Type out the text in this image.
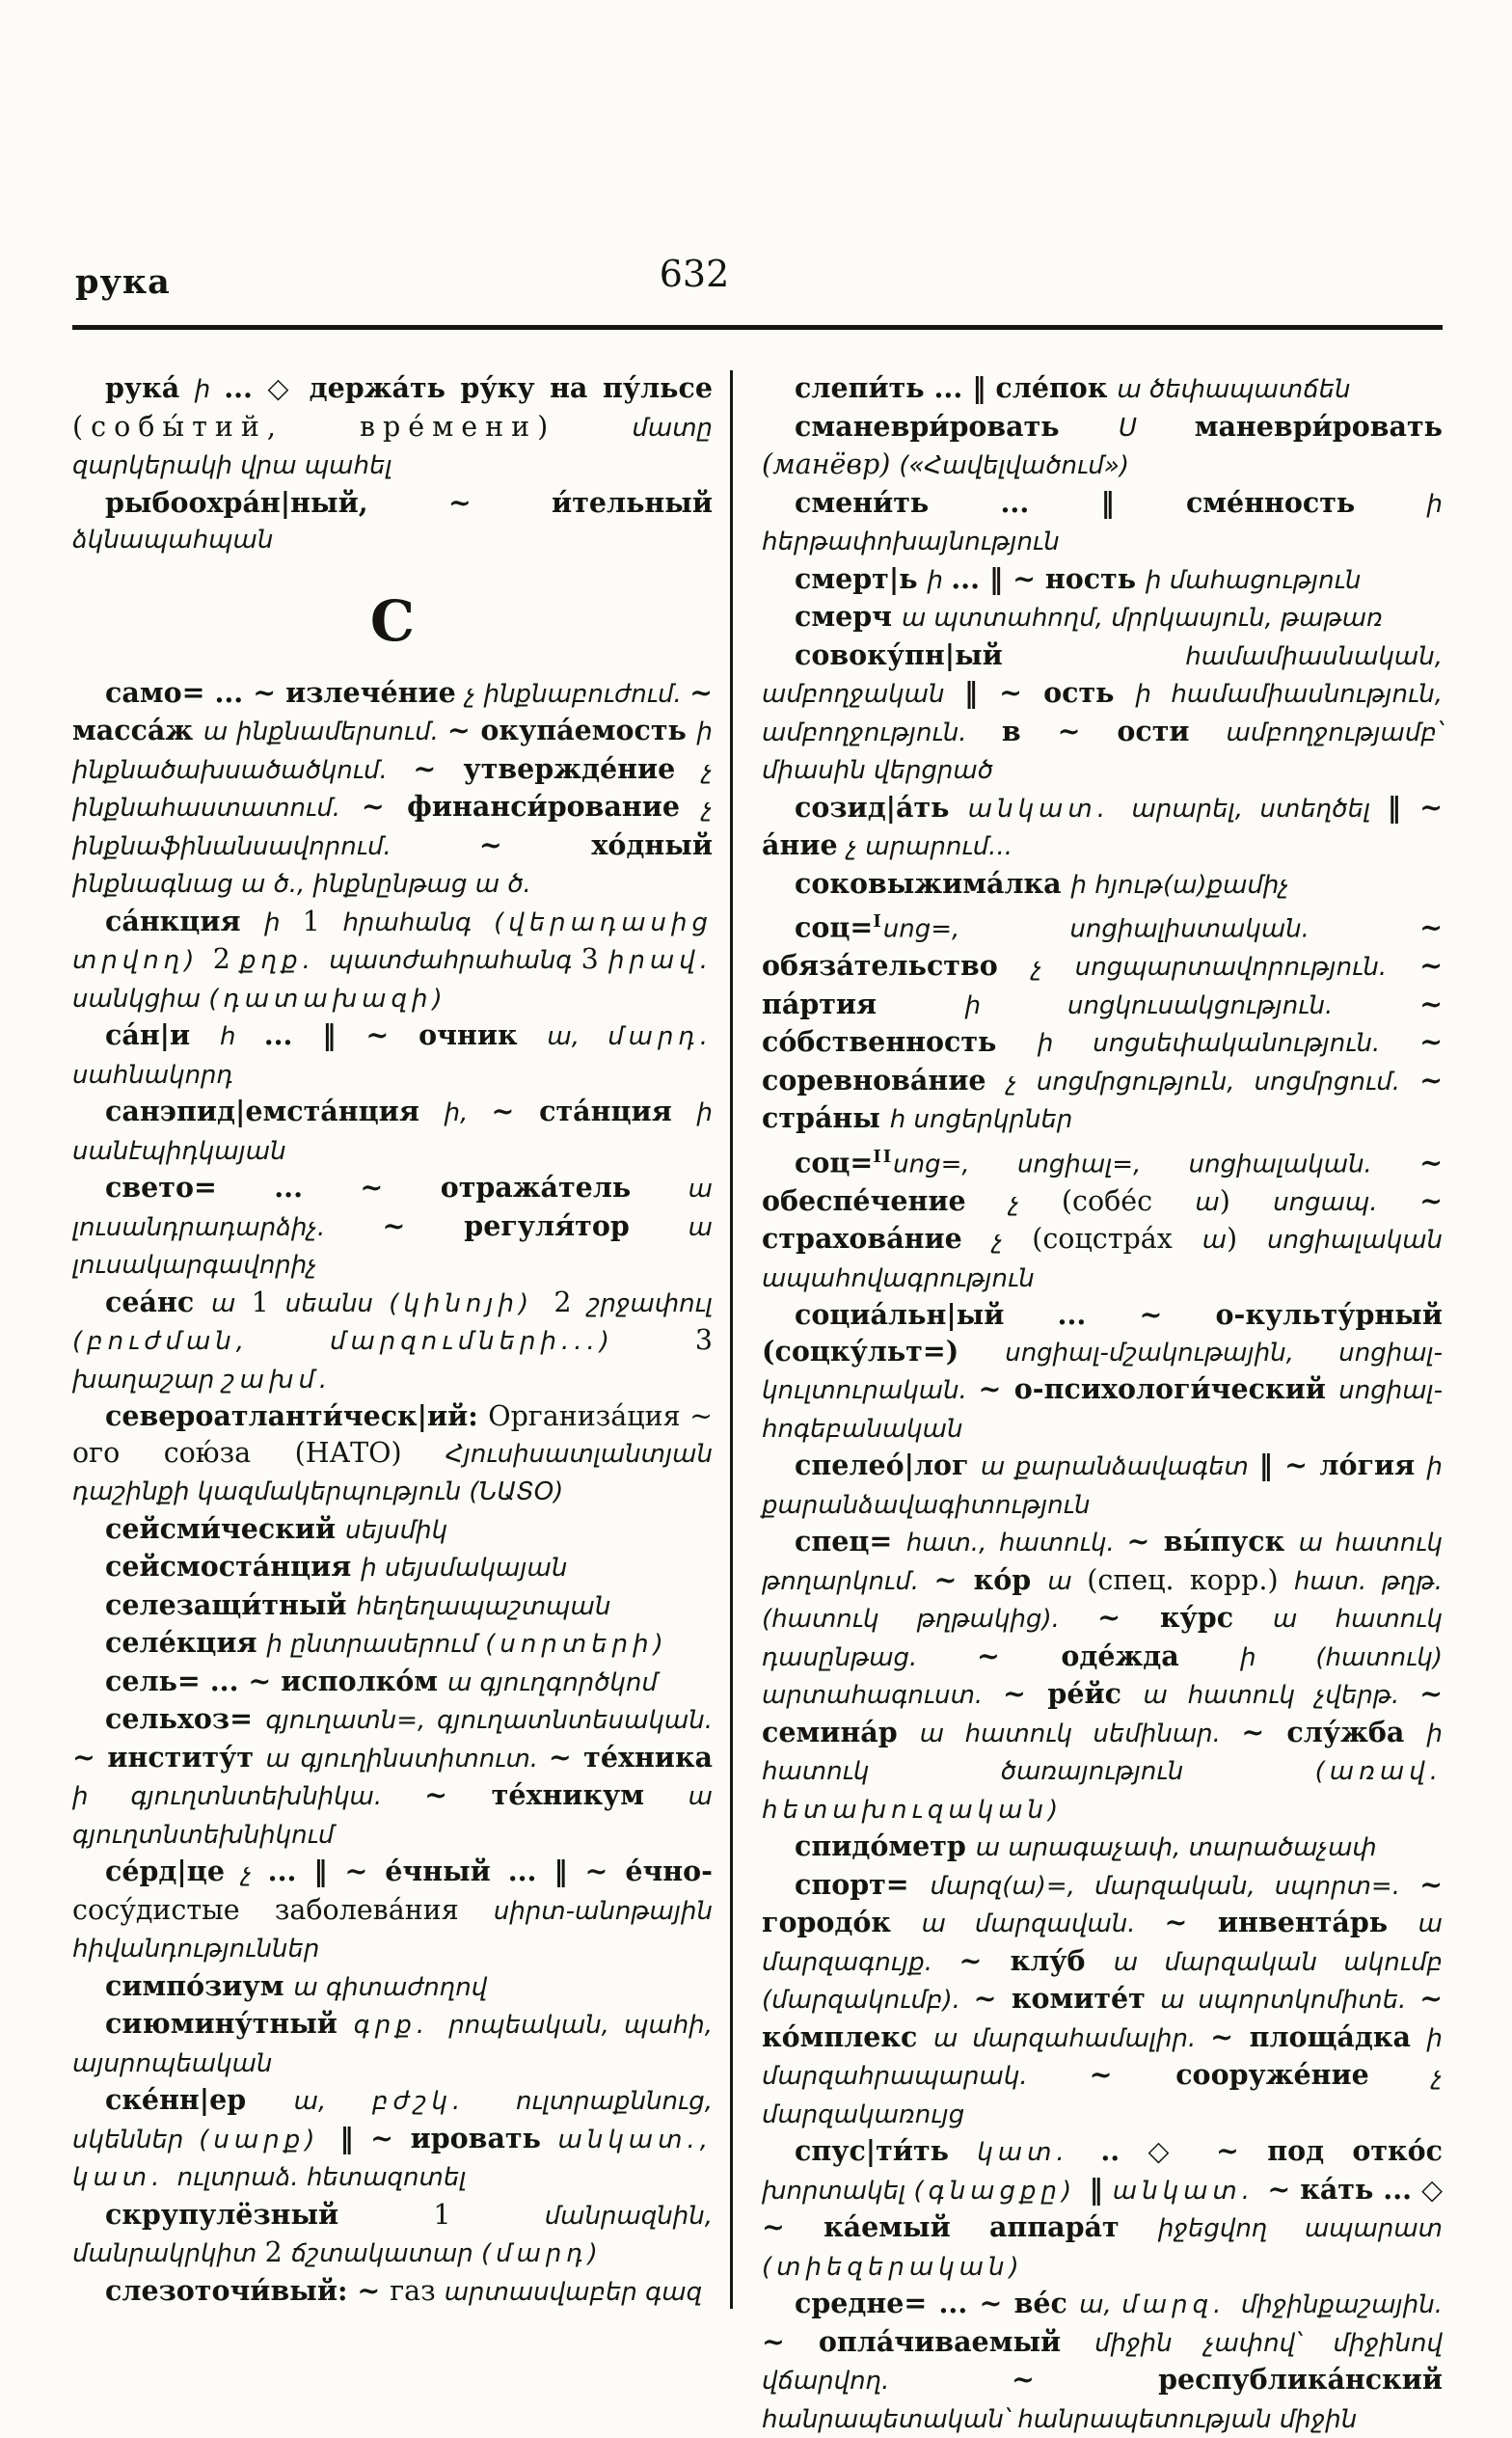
рука	632

рука́ ի ... ◇ держа́ть ру́ку на пу́льсе (собы́тий, вре́мени) մատը զարկերակի վրա պահել

рыбоохра́н|ный, ~ и́тельный ձկնապահպան

С

само= ... ~ излече́ние չ ինքնաբուժում. ~ масса́ж ա ինքնամերսում. ~ окупа́емость ի ինքնածախսածածկում. ~ утвержде́ние չ ինքնահաստատում. ~ финанси́рование չ ինքնաֆինանսավորում. ~ хо́дный ինքնագնաց ա ծ., ինքնընթաց ա ծ.

са́нкция ի 1 հրահանգ (վերադասից տրվող) 2 քղք. պատժահրահանգ 3 իրավ. սանկցիա (դատախազի)

са́н|и հ ... ‖ ~ очник ա, մարդ. սահնակորդ

санэпид|емста́нция ի, ~ ста́нция ի սանէպիդկայան

свето= ... ~ отража́тель ա լուսանդրադարձիչ. ~ регуля́тор ա լուսակարգավորիչ

сеа́нс ա 1 սեանս (կինոյի) 2 շրջափուլ (բուժման, մարզումների...) 3 խաղաշար շախմ.

североатланти́ческ|ий: Организа́ция ~ ого сою́за (НАТО) Հյուսիսատլանտյան դաշինքի կազմակերպություն (ՆԱՏՕ)

сейсми́ческий սեյսմիկ

сейсмоста́нция ի սեյսմակայան

селезащи́тный հեղեղապաշտպան

селе́кция ի ընտրասերում (սորտերի)

сель= ... ~ исполко́м ա գյուղգործկոմ

сельхоз= գյուղատն=, գյուղատնտեսական. ~ институ́т ա գյուղինստիտուտ. ~ те́хника ի գյուղտնտեխնիկա. ~ те́хникум ա գյուղտնտեխնիկում

се́рд|це չ ... ‖ ~ е́чный ... ‖ ~ е́чно-сосу́дистые заболева́ния սիրտ-անոթային հիվանդություններ

симпо́зиум ա գիտաժողով

сиюмину́тный գրք. րոպեական, պահի, այսրոպեական

ске́нн|ер ա, բժշկ. ուլտրաքննուց, սկեններ (սարք) ‖ ~ ировать անկատ., կատ. ուլտրաձ. հետազոտել

скрупулёзный 1 մանրազնին, մանրակրկիտ 2 ճշտակատար (մարդ)

слезоточи́вый: ~ газ արտասվաբեր գազ

слепи́ть ... ‖ сле́пок ա ծեփապատճեն

сманеври́ровать Ս маневри́ровать (манёвр) («Հավելվածում»)

смени́ть ... ‖ сме́нность ի հերթափոխայնություն

смерт|ь ի ... ‖ ~ ность ի մահացություն

смерч ա պտտահողմ, մրրկասյուն, թաթառ

совоку́пн|ый համամիասնական, ամբողջական ‖ ~ ость ի համամիասնություն, ամբողջություն. в ~ ости ամբողջությամբ՝ միասին վերցրած

созид|а́ть անկատ. արարել, ստեղծել ‖ ~ а́ние չ արարում...

соковыжима́лка ի հյութ(ա)քամիչ

соц=$^I$սոց=, սոցիալիստական. ~ обяза́тельство չ սոցպարտավորություն. ~ па́ртия ի սոցկուսակցություն. ~ со́бственность ի սոցսեփականություն. ~ соревнова́ние չ սոցմրցություն, սոցմրցում. ~ стра́ны հ սոցերկրներ

соц=$^{II}$սոց=, սոցիալ=, սոցիալական. ~ обеспе́чение չ (собе́с ա) սոցապ. ~ страхова́ние չ (соцстра́х ա) սոցիալական ապահովագրություն

социа́льн|ый ... ~ о-культу́рный (соцку́льт=) սոցիալ-մշակութային, սոցիալ-կուլտուրական. ~ о-психологи́ческий սոցիալ-հոգեբանական

спелео́|лог ա քարանձավագետ ‖ ~ ло́гия ի քարանձավագիտություն

спец= հատ., հատուկ. ~ вы́пуск ա հատուկ թողարկում. ~ ко́р ա (спец. корр.) հատ. թղթ. (հատուկ թղթակից). ~ ку́рс ա հատուկ դասընթաց. ~ оде́жда ի (հատուկ) արտահագուստ. ~ ре́йс ա հատուկ չվերթ. ~ семина́р ա հատուկ սեմինար. ~ слу́жба ի հատուկ ծառայություն (առավ. հետախուզական)

спидо́метр ա արագաչափ, տարածաչափ

спорт= մարզ(ա)=, մարզական, սպորտ=. ~ городо́к ա մարզավան. ~ инвента́рь ա մարզագույք. ~ клу́б ա մարզական ակումբ (մարզակումբ). ~ комите́т ա սպորտկոմիտե. ~ ко́мплекс ա մարզահամալիր. ~ площа́дка ի մարզահրապարակ. ~ сооруже́ние չ մարզակառույց

спус|ти́ть կատ. .. ◇ ~ под отко́с խորտակել (գնացքը) ‖ անկատ. ~ ка́ть ... ◇ ~ ка́емый аппара́т իջեցվող ապարատ (տիեզերական)

средне= ... ~ ве́с ա, մարզ. միջինքաշային. ~ опла́чиваемый միջին չափով՝ միջինով վճարվող. ~ республика́нский հանրապետական՝ հանրապետության միջին
